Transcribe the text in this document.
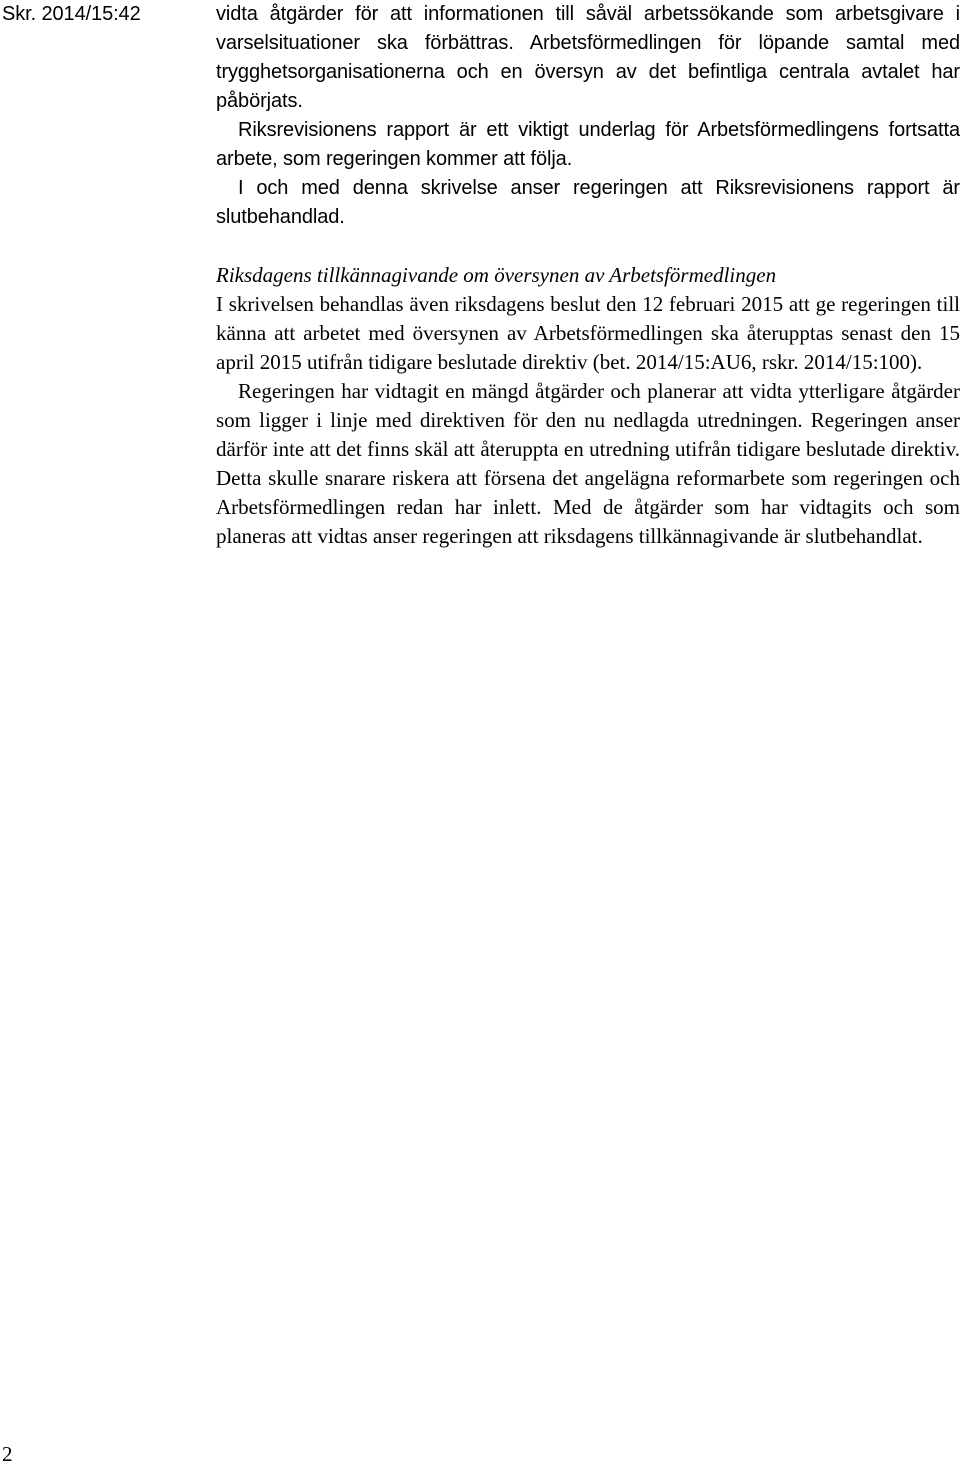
Skr. 2014/15:42	vidta åtgärder för att informationen till såväl arbetssökande som arbetsgivare i varselsituationer ska förbättras. Arbetsförmedlingen för löpande samtal med trygghetsorganisationerna och en översyn av det befintliga centrala avtalet har påbörjats.

Riksrevisionens rapport är ett viktigt underlag för Arbetsförmedlingens fortsatta arbete, som regeringen kommer att följa.

I och med denna skrivelse anser regeringen att Riksrevisionens rapport är slutbehandlad.

Riksdagens tillkännagivande om översynen av Arbetsförmedlingen

I skrivelsen behandlas även riksdagens beslut den 12 februari 2015 att ge regeringen till känna att arbetet med översynen av Arbetsförmedlingen ska återupptas senast den 15 april 2015 utifrån tidigare beslutade direktiv (bet. 2014/15:AU6, rskr. 2014/15:100).

Regeringen har vidtagit en mängd åtgärder och planerar att vidta ytterligare åtgärder som ligger i linje med direktiven för den nu nedlagda utredningen. Regeringen anser därför inte att det finns skäl att återuppta en utredning utifrån tidigare beslutade direktiv. Detta skulle snarare riskera att försena det angelägna reformarbete som regeringen och Arbetsförmedlingen redan har inlett. Med de åtgärder som har vidtagits och som planeras att vidtas anser regeringen att riksdagens tillkännagivande är slutbehandlat.

2
